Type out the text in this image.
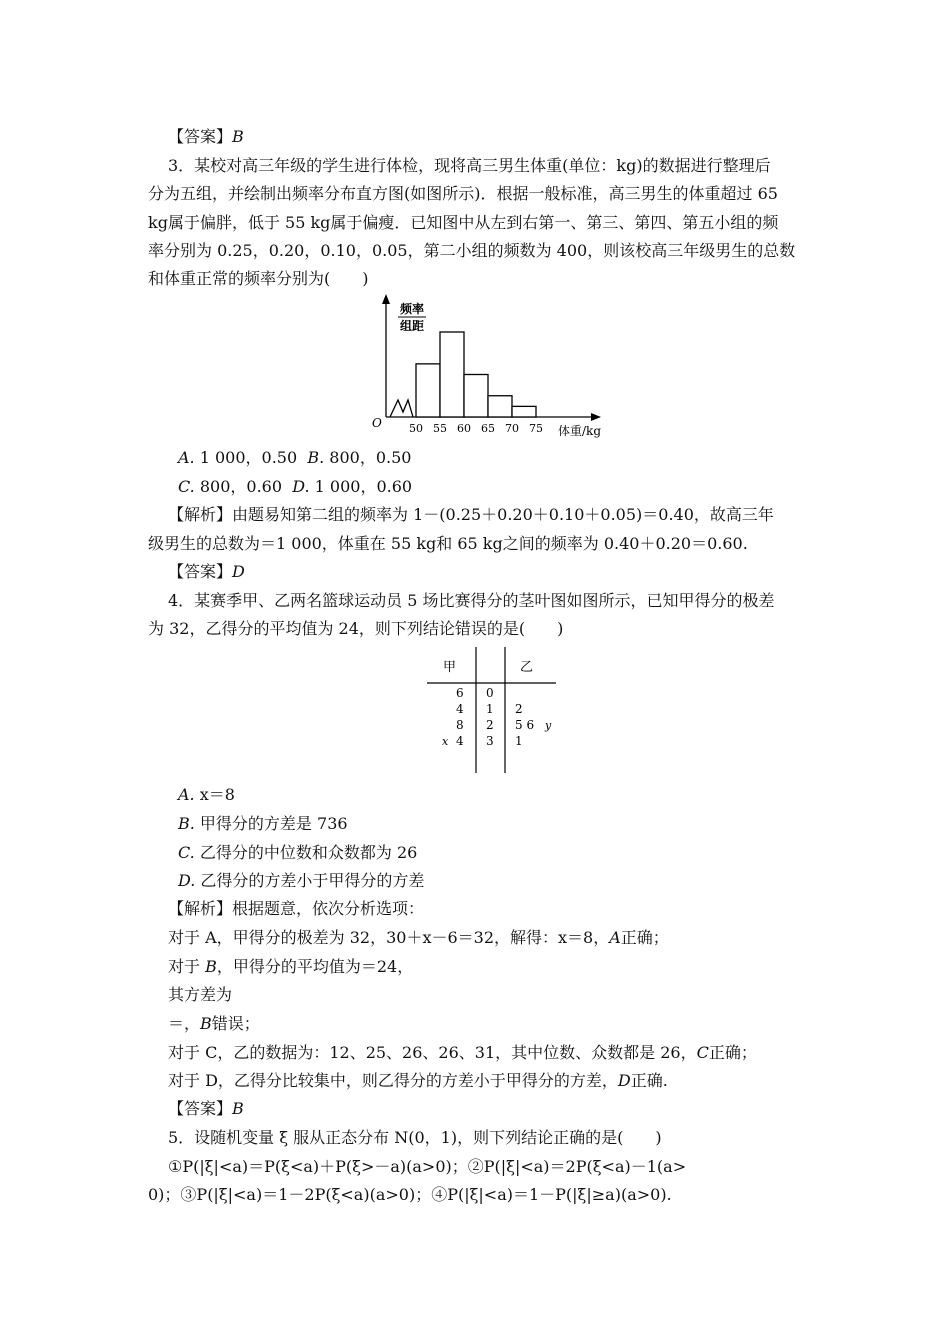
【答案】B
3．某校对高三年级的学生进行体检，现将高三男生体重(单位：kg)的数据进行整理后
分为五组，并绘制出频率分布直方图(如图所示)．根据一般标准，高三男生的体重超过 65
kg属于偏胖，低于 55 kg属于偏瘦．已知图中从左到右第一、第三、第四、第五小组的频
率分别为 0.25，0.20，0.10，0.05，第二小组的频数为 400，则该校高三年级男生的总数
和体重正常的频率分别为(　　)
50 55 60 65 70 75
频率
组距
O
体重/kg
A. 1 000，0.50 B. 800，0.50
C. 800，0.60 D. 1 000，0.60
【解析】由题易知第二组的频率为 1－(0.25＋0.20＋0.10＋0.05)＝0.40，故高三年
级男生的总数为＝1 000，体重在 55 kg和 65 kg之间的频率为 0.40＋0.20＝0.60.
【答案】D
4．某赛季甲、乙两名篮球运动员 5 场比赛得分的茎叶图如图所示，已知甲得分的极差
为 32，乙得分的平均值为 24，则下列结论错误的是(　　)
甲	乙
6 0
4 1 2
8 2 5 6 y
x 4 3 1
A. x＝8
B. 甲得分的方差是 736
C. 乙得分的中位数和众数都为 26
D. 乙得分的方差小于甲得分的方差
【解析】根据题意，依次分析选项：
对于 A，甲得分的极差为 32，30＋x－6＝32，解得：x＝8，A正确；
对于 B，甲得分的平均值为＝24，
其方差为
＝，B错误；
对于 C，乙的数据为：12、25、26、26、31，其中位数、众数都是 26，C正确；
对于 D，乙得分比较集中，则乙得分的方差小于甲得分的方差，D正确.
【答案】B
5．设随机变量 ξ 服从正态分布 N(0，1)，则下列结论正确的是(　　)
①P(|ξ|<a)＝P(ξ<a)＋P(ξ>－a)(a>0)；②P(|ξ|<a)＝2P(ξ<a)－1(a>
0)；③P(|ξ|<a)＝1－2P(ξ<a)(a>0)；④P(|ξ|<a)＝1－P(|ξ|≥a)(a>0).
